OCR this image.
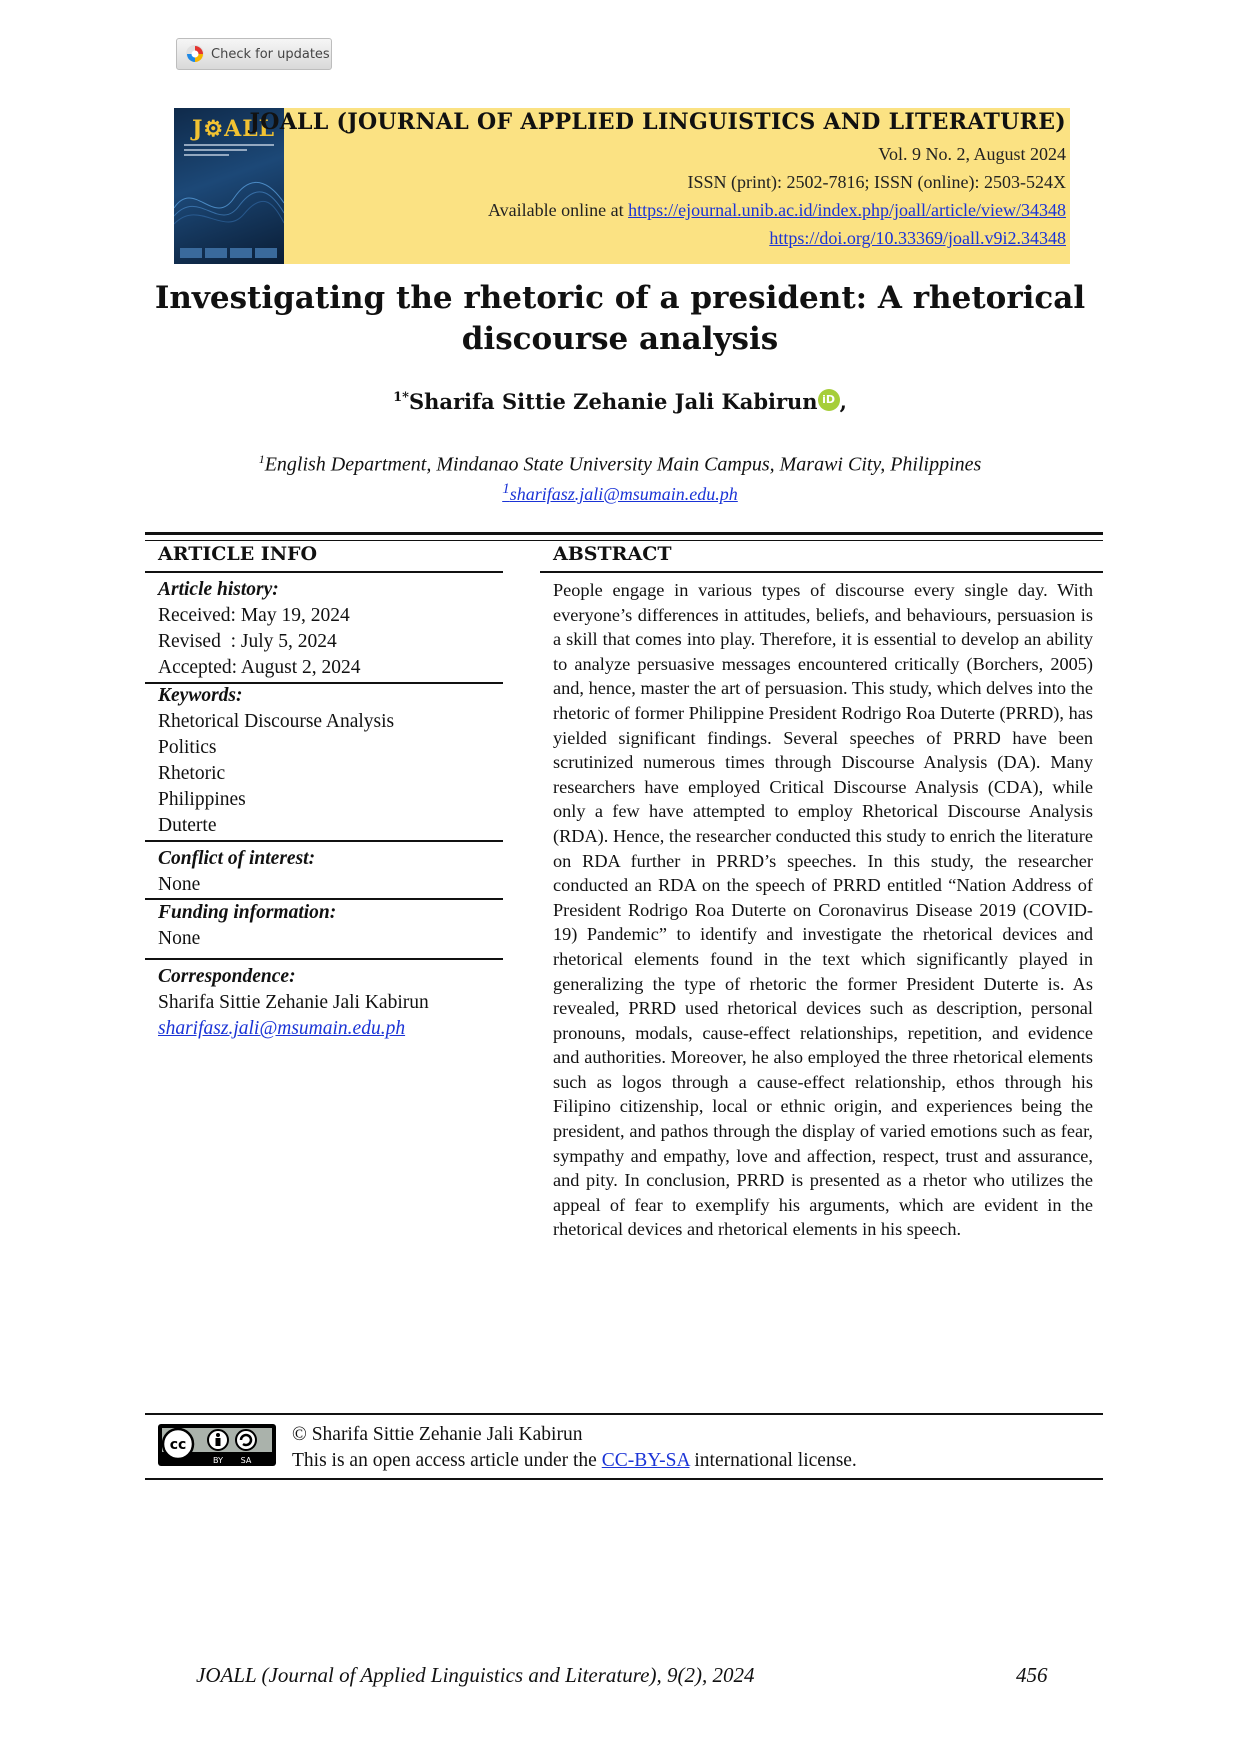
Check for updates
J⚙ALL
JOALL (JOURNAL OF APPLIED LINGUISTICS AND LITERATURE)
Vol. 9 No. 2, August 2024
ISSN (print): 2502-7816; ISSN (online): 2503-524X
Available online at https://ejournal.unib.ac.id/index.php/joall/article/view/34348
https://doi.org/10.33369/joall.v9i2.34348
Investigating the rhetoric of a president: A rhetorical
discourse analysis
$^{1*}$Sharifa Sittie Zehanie Jali Kabirun iD ,
$^1$English Department, Mindanao State University Main Campus, Marawi City, Philippines
$^1$sharifasz.jali@msumain.edu.ph
ARTICLE INFO	ABSTRACT
Article history:
Received: May 19, 2024
Revised  : July 5, 2024
Accepted: August 2, 2024
Keywords:
Rhetorical Discourse Analysis
Politics
Rhetoric
Philippines
Duterte
Conflict of interest:
None
Funding information:
None
Correspondence:
Sharifa Sittie Zehanie Jali Kabirun
sharifasz.jali@msumain.edu.ph
People engage in various types of discourse every single day. With everyone’s differences in attitudes, beliefs, and behaviours, persuasion is a skill that comes into play. Therefore, it is essential to develop an ability to analyze persuasive messages encountered critically (Borchers, 2005) and, hence, master the art of persuasion. This study, which delves into the rhetoric of former Philippine President Rodrigo Roa Duterte (PRRD), has yielded significant findings. Several speeches of PRRD have been scrutinized numerous times through Discourse Analysis (DA). Many researchers have employed Critical Discourse Analysis (CDA), while only a few have attempted to employ Rhetorical Discourse Analysis (RDA). Hence, the researcher conducted this study to enrich the literature on RDA further in PRRD’s speeches. In this study, the researcher conducted an RDA on the speech of PRRD entitled “Nation Address of President Rodrigo Roa Duterte on Coronavirus Disease 2019 (COVID-19) Pandemic” to identify and investigate the rhetorical devices and rhetorical elements found in the text which significantly played in generalizing the type of rhetoric the former President Duterte is. As revealed, PRRD used rhetorical devices such as description, personal pronouns, modals, cause-effect relationships, repetition, and evidence and authorities. Moreover, he also employed the three rhetorical elements such as logos through a cause-effect relationship, ethos through his Filipino citizenship, local or ethnic origin, and experiences being the president, and pathos through the display of varied emotions such as fear, sympathy and empathy, love and affection, respect, trust and assurance, and pity. In conclusion, PRRD is presented as a rhetor who utilizes the appeal of fear to exemplify his arguments, which are evident in the rhetorical devices and rhetorical elements in his speech.
cc
BY SA
© Sharifa Sittie Zehanie Jali Kabirun
This is an open access article under the CC-BY-SA international license.
JOALL (Journal of Applied Linguistics and Literature), 9(2), 2024	456
